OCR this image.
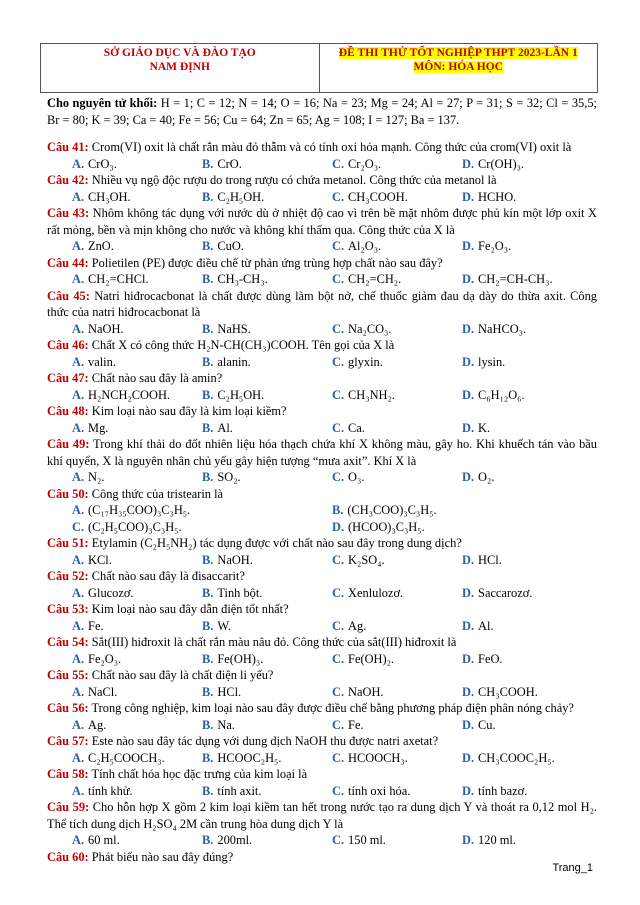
SỞ GIÁO DỤC VÀ ĐÀO TẠO
NAM ĐỊNH
ĐỀ THI THỬ TỐT NGHIỆP THPT 2023-LẦN 1
MÔN: HÓA HỌC

Cho nguyên tử khối: H = 1; C = 12; N = 14; O = 16; Na = 23; Mg = 24; Al = 27; P = 31; S = 32; Cl = 35,5; Br = 80; K = 39; Ca = 40; Fe = 56; Cu = 64; Zn = 65; Ag = 108; I = 127; Ba = 137.

Câu 41: Crom(VI) oxit là chất rắn màu đỏ thẫm và có tính oxi hóa mạnh. Công thức của crom(VI) oxit là

A. CrO₃.	B. CrO.	C. Cr₂O₃.	D. Cr(OH)₃.

Câu 42: Nhiều vụ ngộ độc rượu do trong rượu có chứa metanol. Công thức của metanol là

A. CH₃OH.	B. C₂H₅OH.	C. CH₃COOH.	D. HCHO.

Câu 43: Nhôm không tác dụng với nước dù ở nhiệt độ cao vì trên bề mặt nhôm được phủ kín một lớp oxit X rất mỏng, bền và mịn không cho nước và không khí thấm qua. Công thức của X là

A. ZnO.	B. CuO.	C. Al₂O₃.	D. Fe₂O₃.

Câu 44: Polietilen (PE) được điều chế từ phản ứng trùng hợp chất nào sau đây?

A. CH₂=CHCl.	B. CH₃-CH₃.	C. CH₂=CH₂.	D. CH₂=CH-CH₃.

Câu 45: Natri hiđrocacbonat là chất được dùng làm bột nở, chế thuốc giảm đau dạ dày do thừa axit. Công thức của natri hiđrocacbonat là

A. NaOH.	B. NaHS.	C. Na₂CO₃.	D. NaHCO₃.

Câu 46: Chất X có công thức H₂N-CH(CH₃)COOH. Tên gọi của X là

A. valin.	B. alanin.	C. glyxin.	D. lysin.

Câu 47: Chất nào sau đây là amin?

A. H₂NCH₂COOH.	B. C₂H₅OH.	C. CH₃NH₂.	D. C₆H₁₂O₆.

Câu 48: Kim loại nào sau đây là kim loại kiềm?

A. Mg.	B. Al.	C. Ca.	D. K.

Câu 49: Trong khí thải do đốt nhiên liệu hóa thạch chứa khí X không màu, gây ho. Khi khuếch tán vào bầu khí quyển, X là nguyên nhân chủ yếu gây hiện tượng “mưa axit”. Khí X là

A. N₂.	B. SO₂.	C. O₃.	D. O₂.

Câu 50: Công thức của tristearin là

A. (C₁₇H₃₅COO)₃C₃H₅.	B. (CH₃COO)₃C₃H₅.
C. (C₂H₅COO)₃C₃H₅.	D. (HCOO)₃C₃H₅.

Câu 51: Etylamin (C₂H₅NH₂) tác dụng được với chất nào sau đây trong dung dịch?

A. KCl.	B. NaOH.	C. K₂SO₄.	D. HCl.

Câu 52: Chất nào sau đây là đisaccarit?

A. Glucozơ.	B. Tinh bột.	C. Xenlulozơ.	D. Saccarozơ.

Câu 53: Kim loại nào sau đây dẫn điện tốt nhất?

A. Fe.	B. W.	C. Ag.	D. Al.

Câu 54: Sắt(III) hiđroxit là chất rắn màu nâu đỏ. Công thức của sắt(III) hiđroxit là

A. Fe₂O₃.	B. Fe(OH)₃.	C. Fe(OH)₂.	D. FeO.

Câu 55: Chất nào sau đây là chất điện li yếu?

A. NaCl.	B. HCl.	C. NaOH.	D. CH₃COOH.

Câu 56: Trong công nghiệp, kim loại nào sau đây được điều chế bằng phương pháp điện phân nóng chảy?

A. Ag.	B. Na.	C. Fe.	D. Cu.

Câu 57: Este nào sau đây tác dụng với dung dịch NaOH thu được natri axetat?

A. C₂H₅COOCH₃.	B. HCOOC₂H₅.	C. HCOOCH₃.	D. CH₃COOC₂H₅.

Câu 58: Tính chất hóa học đặc trưng của kim loại là

A. tính khử.	B. tính axit.	C. tính oxi hóa.	D. tính bazơ.

Câu 59: Cho hỗn hợp X gồm 2 kim loại kiềm tan hết trong nước tạo ra dung dịch Y và thoát ra 0,12 mol H₂. Thể tích dung dịch H₂SO₄ 2M cần trung hòa dung dịch Y là

A. 60 ml.	B. 200ml.	C. 150 ml.	D. 120 ml.

Câu 60: Phát biểu nào sau đây đúng?

Trang_1
